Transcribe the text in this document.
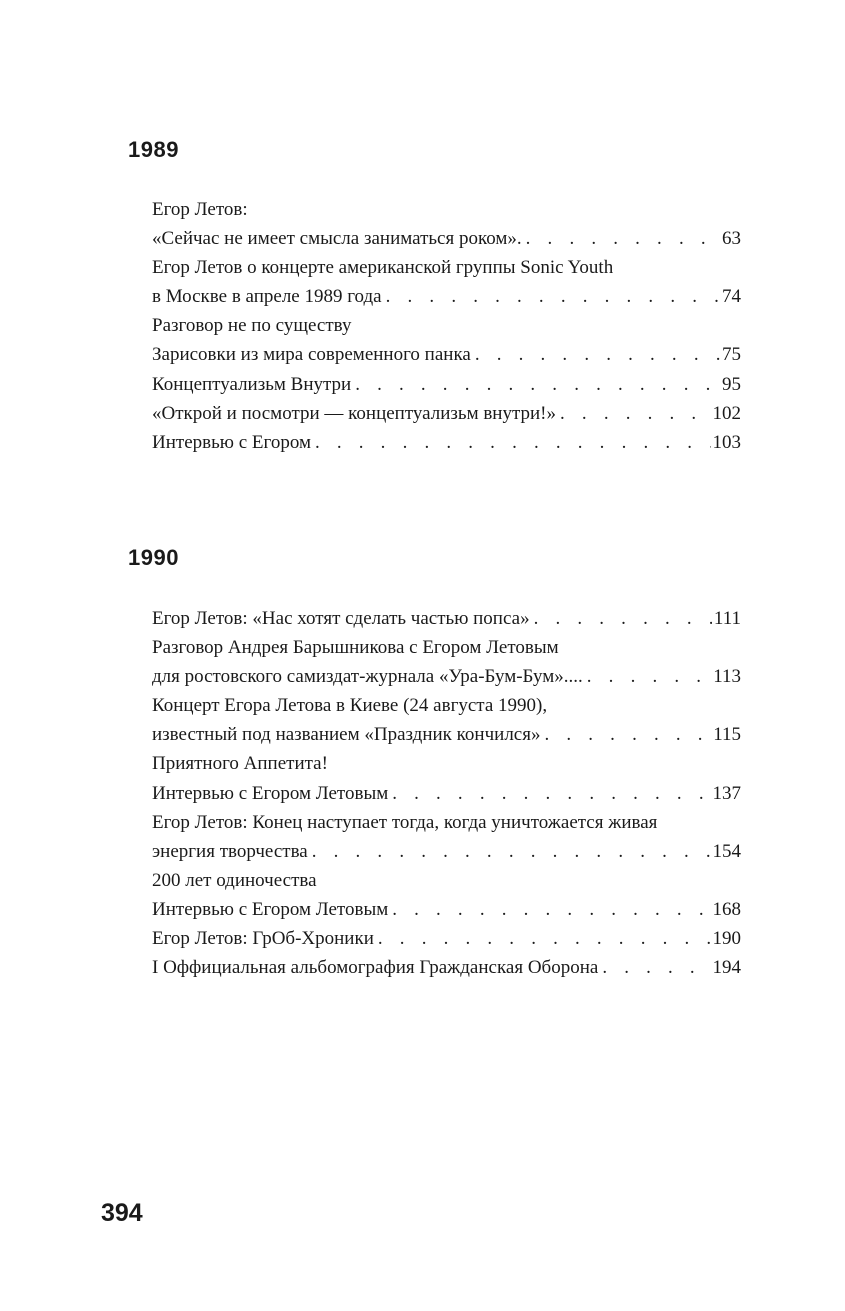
1989
Егор Летов:
«Сейчас не имеет смысла заниматься роком». . . .	63
Егор Летов о концерте американской группы Sonic Youth
в Москве в апреле 1989 года . . .	74
Разговор не по существу
Зарисовки из мира современного панка . . .	75
Концептуализьм Внутри . . .	95
«Открой и посмотри — концептуализьм внутри!» . . .	102
Интервью с Егором . . .	103
1990
Егор Летов: «Нас хотят сделать частью попса» . . .	111
Разговор Андрея Барышникова с Егором Летовым
для ростовского самиздат-журнала «Ура-Бум-Бум».... . . .	113
Концерт Егора Летова в Киеве (24 августа 1990),
известный под названием «Праздник кончился» . . .	115
Приятного Аппетита!
Интервью с Егором Летовым . . .	137
Егор Летов: Конец наступает тогда, когда уничтожается живая
энергия творчества . . .	154
200 лет одиночества
Интервью с Егором Летовым . . .	168
Егор Летов: ГрОб-Хроники . . .	190
I Оффициальная альбомография Гражданская Оборона . . .	194
394
